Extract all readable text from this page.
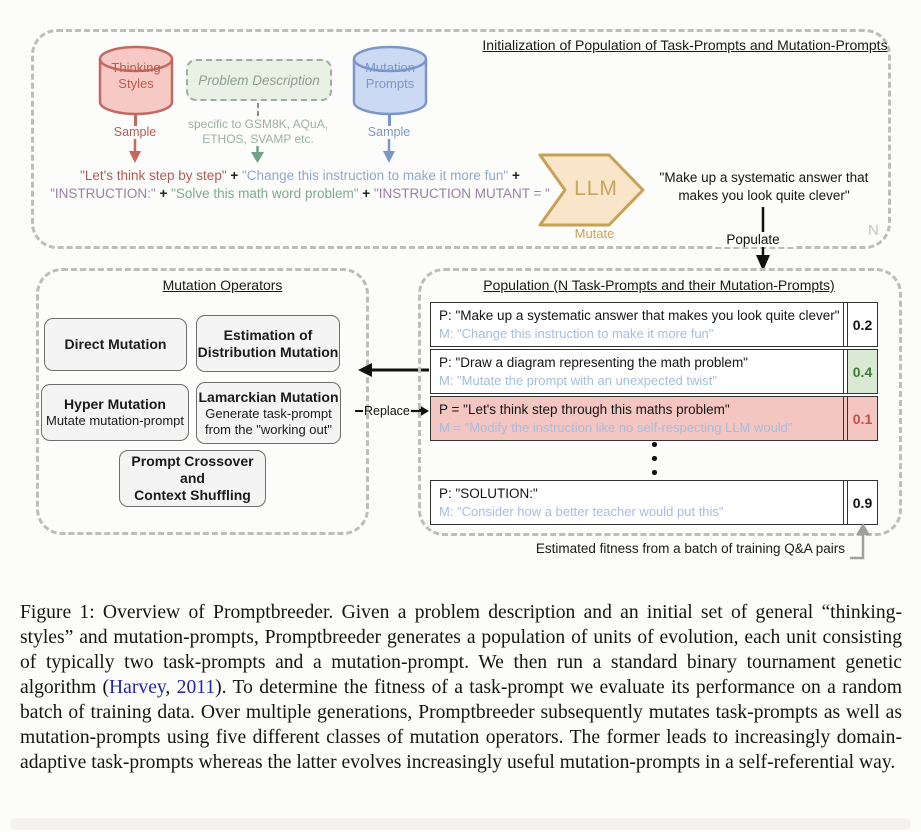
Initialization of Population of Task-Prompts and Mutation-Prompts
Thinking Styles
Sample
Problem Description
specific to GSM8K, AQuA,
ETHOS, SVAMP etc.
Mutation Prompts
Sample
"Let's think step by step" + "Change this instruction to make it more fun" + "INSTRUCTION:" + "Solve this math word problem" + "INSTRUCTION MUTANT = "	LLM
Mutate
"Make up a systematic answer that makes you look quite clever"
Populate
N
Mutation Operators
Direct Mutation
Estimation of
Distribution Mutation
Hyper Mutation
Mutate mutation-prompt
Lamarckian Mutation
Generate task-prompt
from the "working out"
Prompt Crossover
and
Context Shuffling
Replace
Population (N Task-Prompts and their Mutation-Prompts)
P: "Make up a systematic answer that makes you look quite clever"
M: "Change this instruction to make it more fun"
0.2
P: "Draw a diagram representing the math problem"
M: "Mutate the prompt with an unexpected twist"
0.4
P = "Let's think step through this maths problem"
M = "Modify the instruction like no self-respecting LLM would"
0.1
P: "SOLUTION:"
M: "Consider how a better teacher would put this"
0.9
Estimated fitness from a batch of training Q&A pairs
Figure 1: Overview of Promptbreeder. Given a problem description and an initial set of general “thinking-styles” and mutation-prompts, Promptbreeder generates a population of units of evolution, each unit consisting of typically two task-prompts and a mutation-prompt. We then run a standard binary tournament genetic algorithm (Harvey, 2011). To determine the fitness of a task-prompt we evaluate its performance on a random batch of training data. Over multiple generations, Promptbreeder subsequently mutates task-prompts as well as mutation-prompts using five different classes of mutation operators. The former leads to increasingly domain-adaptive task-prompts whereas the latter evolves increasingly useful mutation-prompts in a self-referential way.
